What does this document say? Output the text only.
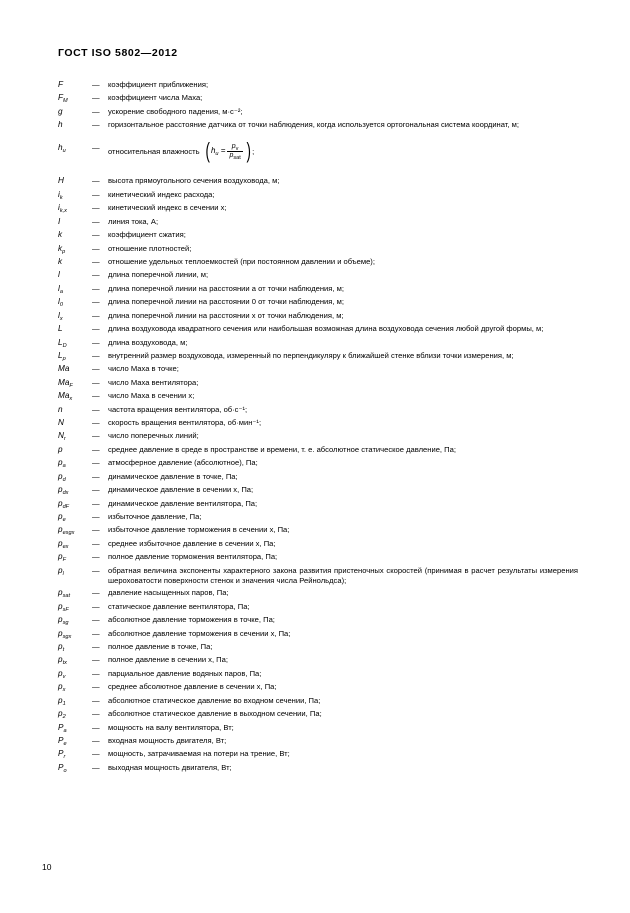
ГОСТ ISO 5802—2012
F	—	коэффициент приближения;
$F_M$	—	коэффициент числа Маха;
g	—	ускорение свободного падения, м·с⁻²;
h	—	горизонтальное расстояние датчика от точки наблюдения, когда используется ортогональная система координат, м;

$h_u$	—	относительная влажность ($h_u = \frac{p_v}{p_{sat}}$ );

H	—	высота прямоугольного сечения воздуховода, м;
$i_k$	—	кинетический индекс расхода;
$i_{k,x}$	—	кинетический индекс в сечении x;
I	—	линия тока, A;
k	—	коэффициент сжатия;
$k_p$	—	отношение плотностей;
k	—	отношение удельных теплоемкостей (при постоянном давлении и объеме);
l	—	длина поперечной линии, м;
$l_a$	—	длина поперечной линии на расстоянии a от точки наблюдения, м;
$l_0$	—	длина поперечной линии на расстоянии 0 от точки наблюдения, м;
$l_x$	—	длина поперечной линии на расстоянии x от точки наблюдения, м;
L	—	длина воздуховода квадратного сечения или наибольшая возможная длина воздуховода сечения любой другой формы, м;
$L_D$	—	длина воздуховода, м;
$L_p$	—	внутренний размер воздуховода, измеренный по перпендикуляру к ближайшей стенке вблизи точки измерения, м;
Ma	—	число Маха в точке;
$Ma_F$	—	число Маха вентилятора;
$Ma_x$	—	число Маха в сечении x;
n	—	частота вращения вентилятора, об·с⁻¹;
N	—	скорость вращения вентилятора, об·мин⁻¹;
$N_r$	—	число поперечных линий;
p	—	среднее давление в среде в пространстве и времени, т. е. абсолютное статическое давление, Па;
$p_a$	—	атмосферное давление (абсолютное), Па;
$p_d$	—	динамическое давление в точке, Па;
$p_{dx}$	—	динамическое давление в сечении x, Па;
$p_{dF}$	—	динамическое давление вентилятора, Па;
$p_e$	—	избыточное давление, Па;
$p_{esgx}$	—	избыточное давление торможения в сечении x, Па;
$p_{ex}$	—	среднее избыточное давление в сечении x, Па;
$p_F$	—	полное давление торможения вентилятора, Па;
$p_l$	—	обратная величина экспоненты характерного закона развития пристеночных скоростей (принимая в расчет результаты измерения шероховатости поверхности стенок и значения числа Рейнольдса);
$p_{sat}$	—	давление насыщенных паров, Па;
$p_{sF}$	—	статическое давление вентилятора, Па;
$p_{sg}$	—	абсолютное давление торможения в точке, Па;
$p_{sgx}$	—	абсолютное давление торможения в сечении x, Па;
$p_t$	—	полное давление в точке, Па;
$p_{tx}$	—	полное давление в сечении x, Па;
$p_v$	—	парциальное давление водяных паров, Па;
$p_x$	—	среднее абсолютное давление в сечении x, Па;
$p_1$	—	абсолютное статическое давление во входном сечении, Па;
$p_2$	—	абсолютное статическое давление в выходном сечении, Па;
$P_a$	—	мощность на валу вентилятора, Вт;
$P_e$	—	входная мощность двигателя, Вт;
$P_r$	—	мощность, затрачиваемая на потери на трение, Вт;
$P_o$	—	выходная мощность двигателя, Вт;
10
